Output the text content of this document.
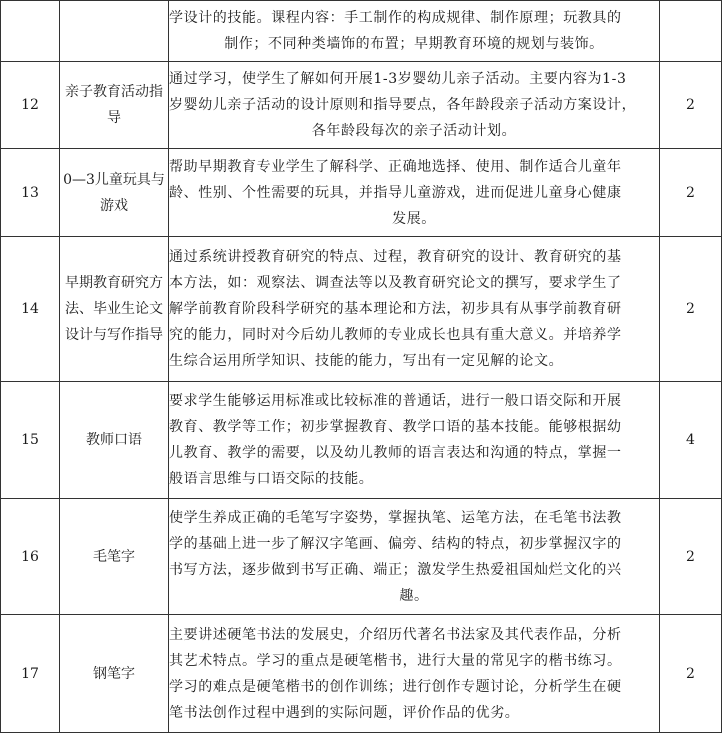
		学设计的技能。课程内容：手工制作的构成规律、制作原理；玩教具的
制作；不同种类墙饰的布置；早期教育环境的规划与装饰。	

12	亲子教育活动指导	通过学习，使学生了解如何开展1-3岁婴幼儿亲子活动。主要内容为1-3
岁婴幼儿亲子活动的设计原则和指导要点，各年龄段亲子活动方案设计，
各年龄段每次的亲子活动计划。	2
13	0—3儿童玩具与游戏	帮助早期教育专业学生了解科学、正确地选择、使用、制作适合儿童年
龄、性别、个性需要的玩具，并指导儿童游戏，进而促进儿童身心健康
发展。	2
14	早期教育研究方法、毕业生论文设计与写作指导	通过系统讲授教育研究的特点、过程，教育研究的设计、教育研究的基
本方法，如：观察法、调查法等以及教育研究论文的撰写，要求学生了
解学前教育阶段科学研究的基本理论和方法，初步具有从事学前教育研
究的能力，同时对今后幼儿教师的专业成长也具有重大意义。并培养学
生综合运用所学知识、技能的能力，写出有一定见解的论文。	2
15	教师口语	要求学生能够运用标准或比较标准的普通话，进行一般口语交际和开展
教育、教学等工作；初步掌握教育、教学口语的基本技能。能够根据幼
儿教育、教学的需要，以及幼儿教师的语言表达和沟通的特点，掌握一
般语言思维与口语交际的技能。	4
16	毛笔字	使学生养成正确的毛笔写字姿势，掌握执笔、运笔方法，在毛笔书法教
学的基础上进一步了解汉字笔画、偏旁、结构的特点，初步掌握汉字的
书写方法，逐步做到书写正确、端正；激发学生热爱祖国灿烂文化的兴
趣。	2
17	钢笔字	主要讲述硬笔书法的发展史，介绍历代著名书法家及其代表作品，分析
其艺术特点。学习的重点是硬笔楷书，进行大量的常见字的楷书练习。
学习的难点是硬笔楷书的创作训练；进行创作专题讨论，分析学生在硬
笔书法创作过程中遇到的实际问题，评价作品的优劣。	2
